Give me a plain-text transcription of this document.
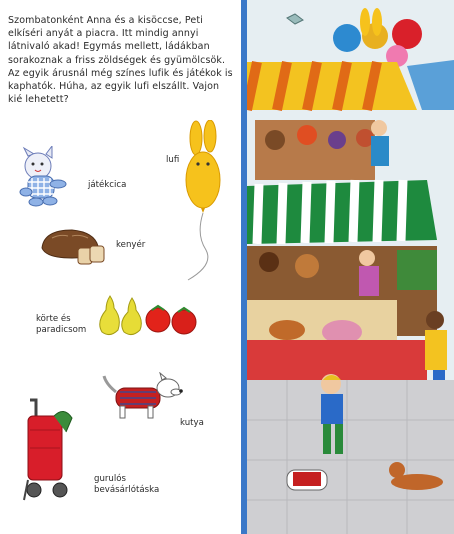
Szombatonként Anna és a kisöccse, Peti elkíséri anyát a piacra. Itt mindig annyi látnivaló akad! Egymás mellett, ládákban sorakoznak a friss zöldségek és gyümölcsök. Az egyik árusnál még színes lufik és játékok is kaphatók. Húha, az egyik lufi elszállt. Vajon kié lehetett?
játékcica
lufi
kenyér
körte és paradicsom
kutya
gurulós bevásárlótáska
